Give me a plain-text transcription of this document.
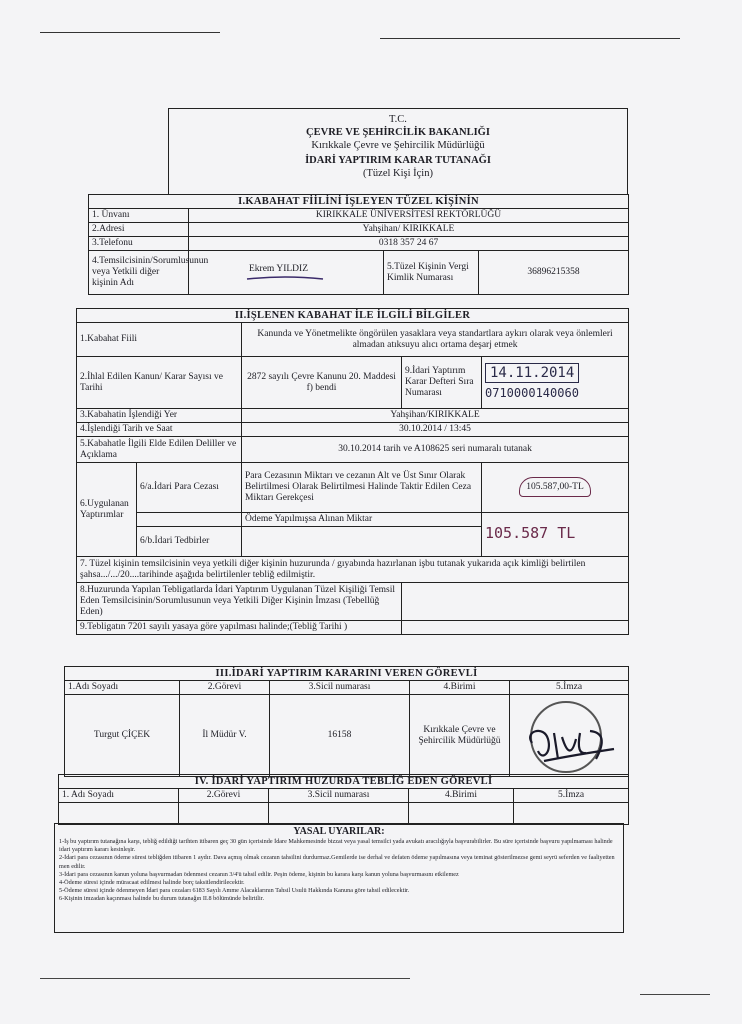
T.C.
ÇEVRE VE ŞEHİRCİLİK BAKANLIĞI
Kırıkkale Çevre ve Şehircilik Müdürlüğü
İDARİ YAPTIRIM KARAR TUTANAĞI
(Tüzel Kişi İçin)
I.KABAHAT FİİLİNİ İŞLEYEN TÜZEL KİŞİNİN			
1. Ünvanı	KIRIKKALE ÜNİVERSİTESİ REKTÖRLÜĞÜ		
2.Adresi	Yahşihan/ KIRIKKALE		
3.Telefonu	0318 357 24 67		
4.Temsilcisinin/Sorumlusunun veya Yetkili diğer kişinin Adı	Ekrem YILDIZ	5.Tüzel Kişinin Vergi Kimlik Numarası	36896215358
II.İŞLENEN KABAHAT İLE İLGİLİ BİLGİLER				
1.Kabahat Fiili		Kanunda ve Yönetmelikte öngörülen yasaklara veya standartlara aykırı olarak veya önlemleri almadan atıksuyu alıcı ortama deşarj etmek		
2.İhlal Edilen Kanun/ Karar Sayısı ve Tarihi		2872 sayılı Çevre Kanunu 20. Maddesi f) bendi	9.İdari Yaptırım Karar Defteri Sıra Numarası	14.11.2014
0710000140060

3.Kabahatin İşlendiği Yer		Yahşihan/KIRIKKALE		
4.İşlendiği Tarih ve Saat		30.10.2014 / 13:45		
5.Kabahatle İlgili Elde Edilen Deliller ve Açıklama		30.10.2014 tarih ve A108625 seri numaralı tutanak		
6.Uygulanan Yaptırımlar	6/a.İdari Para Cezası	Para Cezasının Miktarı ve cezanın Alt ve Üst Sınır Olarak Belirtilmesi Olarak Belirtilmesi Halinde Taktir Edilen Ceza Miktarı Gerekçesi		105.587,00-TL
		Ödeme Yapılmışsa Alınan Miktar		105.587 TL
	6/b.İdari Tedbirler			
7. Tüzel kişinin temsilcisinin veya yetkili diğer kişinin huzurunda / gıyabında hazırlanan işbu tutanak yukarıda açık kimliği belirtilen şahsa.../.../20....tarihinde aşağıda belirtilenler tebliğ edilmiştir.				
8.Huzurunda Yapılan Tebligatlarda İdari Yaptırım Uygulanan Tüzel Kişiliği Temsil Eden Temsilcisinin/Sorumlusunun veya Yetkili Diğer Kişinin İmzası (Tebellüğ Eden)				
9.Tebligatın 7201 sayılı yasaya göre yapılması halinde;(Tebliğ Tarihi )				
III.İDARİ YAPTIRIM KARARINI VEREN GÖREVLİ				
1.Adı Soyadı	2.Görevi	3.Sicil numarası	4.Birimi	5.İmza
Turgut ÇİÇEK	İl Müdür V.	16158	Kırıkkale Çevre ve Şehircilik Müdürlüğü	
IV. İDARİ YAPTIRIM HUZURDA TEBLİĞ EDEN GÖREVLİ				
1. Adı Soyadı	2.Görevi	3.Sicil numarası	4.Birimi	5.İmza

YASAL UYARILAR:
1-İş bu yaptırım tutanağına karşı, tebliğ edildiği tarihten itibaren geç 30 gün içerisinde İdare Mahkemesinde bizzat veya yasal temsilci yada avukatı aracılığıyla başvurabilirler. Bu süre içerisinde başvuru yapılmaması halinde idari yaptırım kararı kesinleşir.
2-İdari para cezasının ödeme süresi tebliğden itibaren 1 aydır. Dava açmış olmak cezanın tahsilini durdurmaz.Gemilerde ise derhal ve defaten ödeme yapılmasına veya teminat gösterilmezse gemi seyrü seferden ve faaliyetten men edilir.
3-İdari para cezasının kanun yoluna başvurmadan ödenmesi cezanın 3/4'ü tahsil edilir. Peşin ödeme, kişinin bu karara karşı kanun yoluna başvurmasını etkilemez
4-Ödeme süresi içinde müracaat edilmesi halinde borç taksitlendirilecektir.
5-Ödeme süresi içinde ödenmeyen İdari para cezaları 6183 Sayılı Amme Alacaklarının Tahsil Usulü Hakkında Kanuna göre tahsil edilecektir.
6-Kişinin imzadan kaçınması halinde bu durum tutanağın II.8 bölümünde belirtilir.
